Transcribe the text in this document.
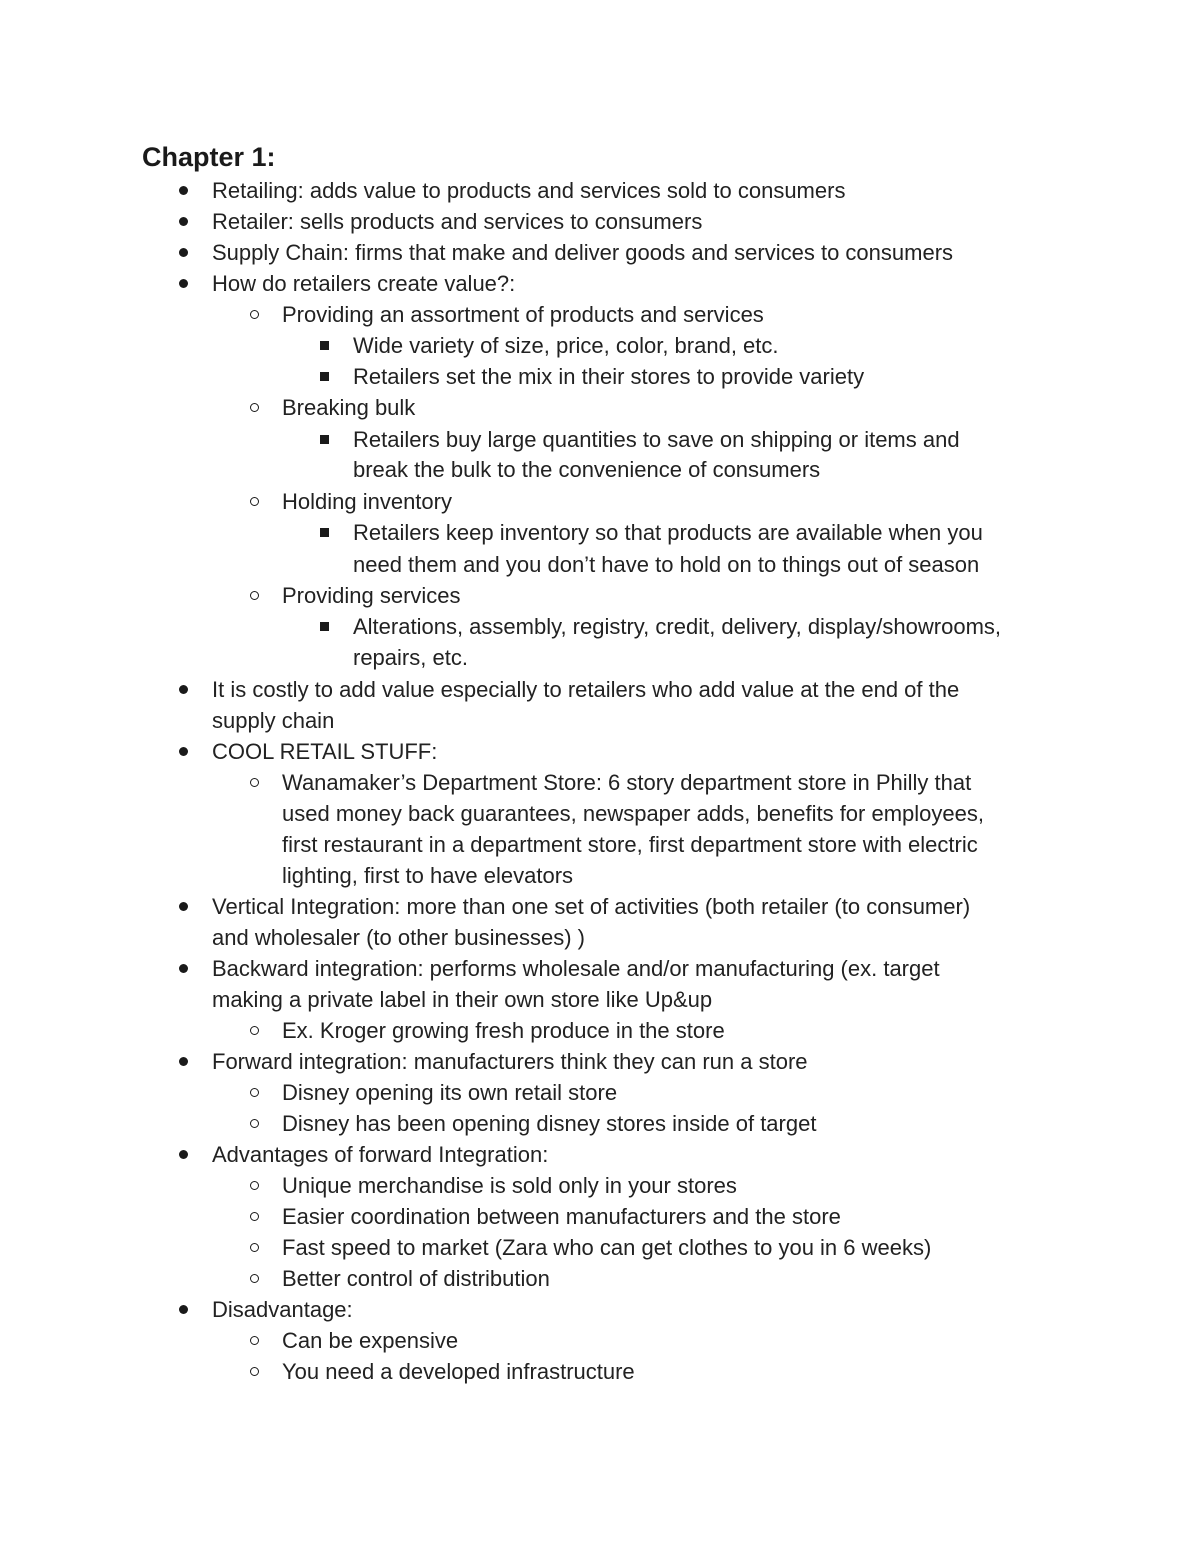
Chapter 1:
Retailing: adds value to products and services sold to consumers
Retailer: sells products and services to consumers
Supply Chain: firms that make and deliver goods and services to consumers
How do retailers create value?:
Providing an assortment of products and services
Wide variety of size, price, color, brand, etc.
Retailers set the mix in their stores to provide variety
Breaking bulk
Retailers buy large quantities to save on shipping or items and
break the bulk to the convenience of consumers
Holding inventory
Retailers keep inventory so that products are available when you
need them and you don’t have to hold on to things out of season
Providing services
Alterations, assembly, registry, credit, delivery, display/showrooms,
repairs, etc.
It is costly to add value especially to retailers who add value at the end of the
supply chain
COOL RETAIL STUFF:
Wanamaker’s Department Store: 6 story department store in Philly that
used money back guarantees, newspaper adds, benefits for employees,
first restaurant in a department store, first department store with electric
lighting, first to have elevators
Vertical Integration: more than one set of activities (both retailer (to consumer)
and wholesaler (to other businesses) )
Backward integration: performs wholesale and/or manufacturing (ex. target
making a private label in their own store like Up&up
Ex. Kroger growing fresh produce in the store
Forward integration: manufacturers think they can run a store
Disney opening its own retail store
Disney has been opening disney stores inside of target
Advantages of forward Integration:
Unique merchandise is sold only in your stores
Easier coordination between manufacturers and the store
Fast speed to market (Zara who can get clothes to you in 6 weeks)
Better control of distribution
Disadvantage:
Can be expensive
You need a developed infrastructure
